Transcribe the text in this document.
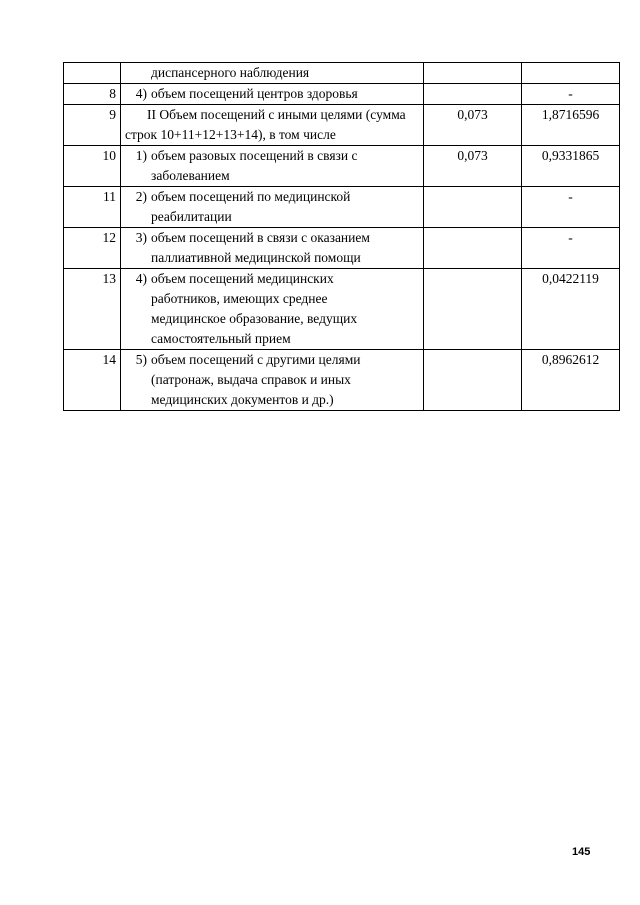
	диспансерного наблюдения		

8	4) объем посещений центров здоровья		-
9	II Объем посещений с иными целями (сумма
строк 10+11+12+13+14), в том числе	0,073	1,8716596
10	1) объем разовых посещений в связи с
заболеванием	0,073	0,9331865
11	2) объем посещений по медицинской
реабилитации		-
12	3) объем посещений в связи с оказанием
паллиативной медицинской помощи		-
13	4) объем посещений медицинских
работников, имеющих среднее
медицинское образование, ведущих
самостоятельный прием		0,0422119
14	5) объем посещений с другими целями
(патронаж, выдача справок и иных
медицинских документов и др.)		0,8962612
145
